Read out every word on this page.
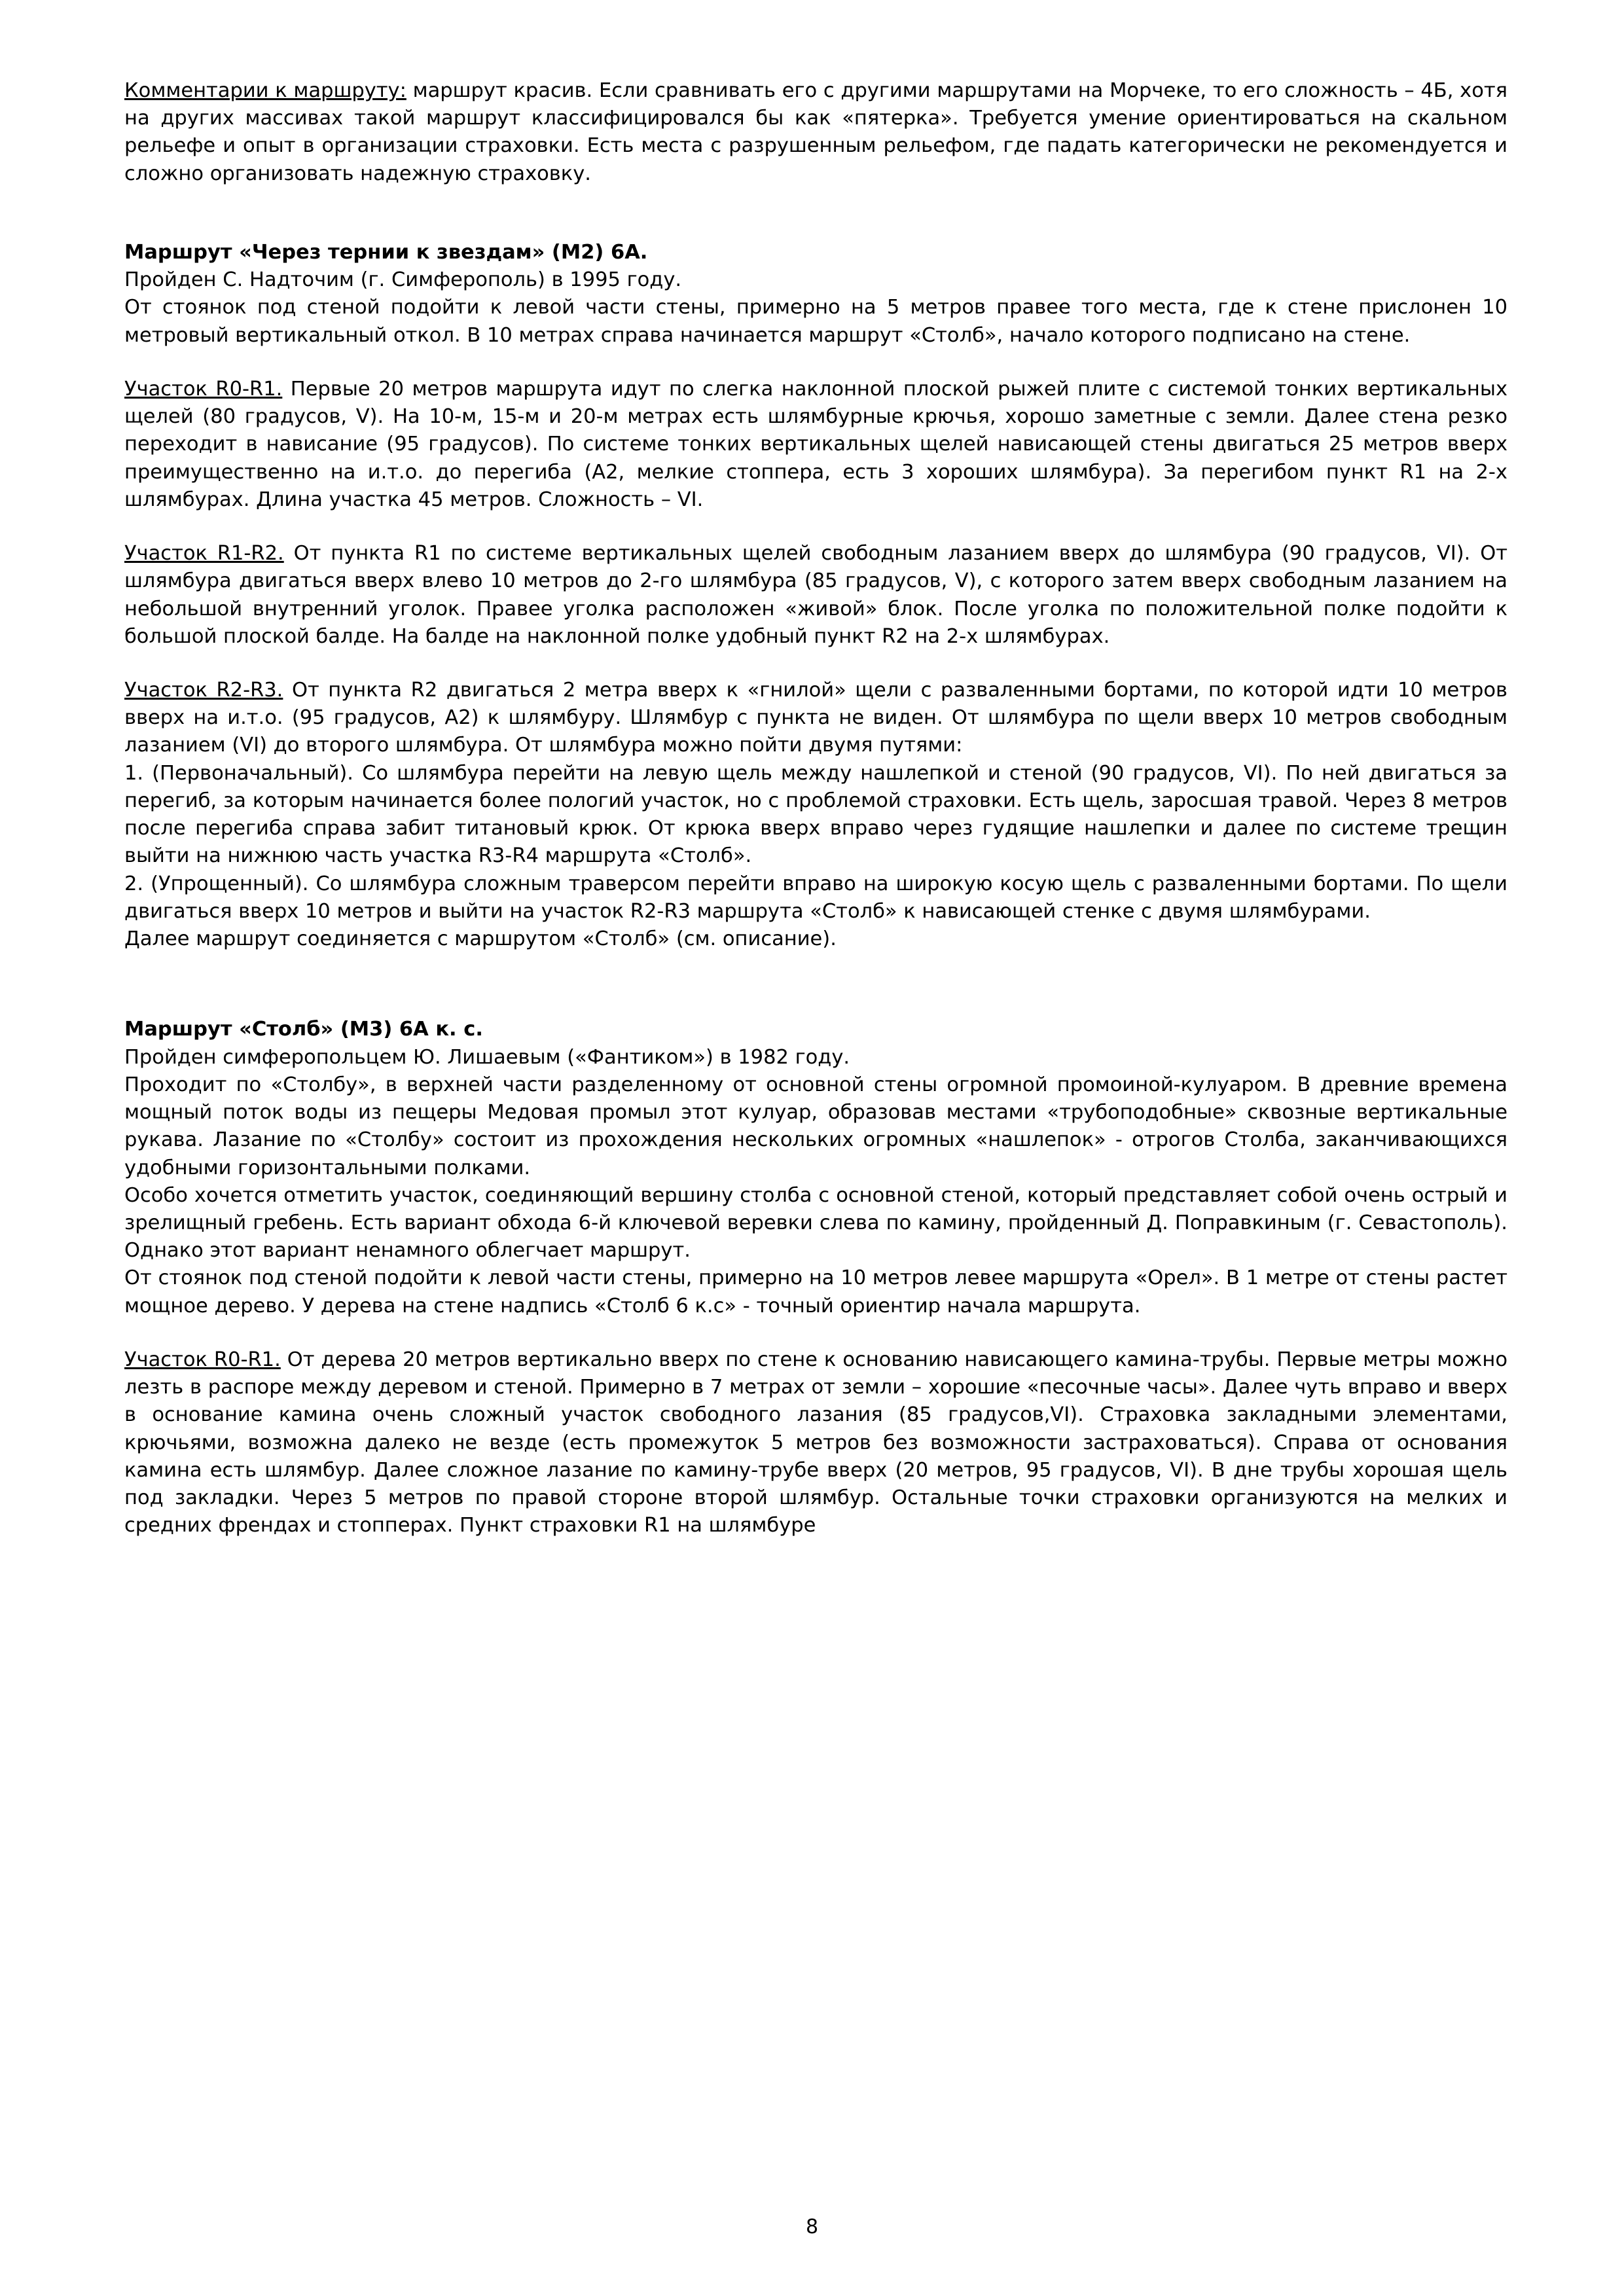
Комментарии к маршруту: маршрут красив. Если сравнивать его с другими маршрутами на Морчеке, то его сложность – 4Б, хотя на других массивах такой маршрут классифицировался бы как «пятерка». Требуется умение ориентироваться на скальном рельефе и опыт в организации страховки. Есть места с разрушенным рельефом, где падать категорически не рекомендуется и сложно организовать надежную страховку.

Маршрут «Через тернии к звездам» (М2) 6А.

Пройден С. Надточим (г. Симферополь) в 1995 году.

От стоянок под стеной подойти к левой части стены, примерно на 5 метров правее того места, где к стене прислонен 10 метровый вертикальный откол. В 10 метрах справа начинается маршрут «Столб», начало которого подписано на стене.

Участок R0-R1. Первые 20 метров маршрута идут по слегка наклонной плоской рыжей плите с системой тонких вертикальных щелей (80 градусов, V). На 10-м, 15-м и 20-м метрах есть шлямбурные крючья, хорошо заметные с земли. Далее стена резко переходит в нависание (95 градусов). По системе тонких вертикальных щелей нависающей стены двигаться 25 метров вверх преимущественно на и.т.о. до перегиба (А2, мелкие стоппера, есть 3 хороших шлямбура). За перегибом пункт R1 на 2-х шлямбурах. Длина участка 45 метров. Сложность – VI.

Участок R1-R2. От пункта R1 по системе вертикальных щелей свободным лазанием вверх до шлямбура (90 градусов, VI). От шлямбура двигаться вверх влево 10 метров до 2-го шлямбура (85 градусов, V), с которого затем вверх свободным лазанием на небольшой внутренний уголок. Правее уголка расположен «живой» блок. После уголка по положительной полке подойти к большой плоской балде. На балде на наклонной полке удобный пункт R2 на 2-х шлямбурах.

Участок R2-R3. От пункта R2 двигаться 2 метра вверх к «гнилой» щели с разваленными бортами, по которой идти 10 метров вверх на и.т.о. (95 градусов, А2) к шлямбуру. Шлямбур с пункта не виден. От шлямбура по щели вверх 10 метров свободным лазанием (VI) до второго шлямбура. От шлямбура можно пойти двумя путями:

1. (Первоначальный). Со шлямбура перейти на левую щель между нашлепкой и стеной (90 градусов, VI). По ней двигаться за перегиб, за которым начинается более пологий участок, но с проблемой страховки. Есть щель, заросшая травой. Через 8 метров после перегиба справа забит титановый крюк. От крюка вверх вправо через гудящие нашлепки и далее по системе трещин выйти на нижнюю часть участка R3-R4 маршрута «Столб».

2. (Упрощенный). Со шлямбура сложным траверсом перейти вправо на широкую косую щель с разваленными бортами. По щели двигаться вверх 10 метров и выйти на участок R2-R3 маршрута «Столб» к нависающей стенке с двумя шлямбурами.

Далее маршрут соединяется с маршрутом «Столб» (см. описание).

Маршрут «Столб» (М3) 6А к. с.

Пройден симферопольцем Ю. Лишаевым («Фантиком») в 1982 году.

Проходит по «Столбу», в верхней части разделенному от основной стены огромной промоиной-кулуаром. В древние времена мощный поток воды из пещеры Медовая промыл этот кулуар, образовав местами «трубоподобные» сквозные вертикальные рукава. Лазание по «Столбу» состоит из прохождения нескольких огромных «нашлепок» - отрогов Столба, заканчивающихся удобными горизонтальными полками.

Особо хочется отметить участок, соединяющий вершину столба с основной стеной, который представляет собой очень острый и зрелищный гребень. Есть вариант обхода 6-й ключевой веревки слева по камину, пройденный Д. Поправкиным (г. Севастополь). Однако этот вариант ненамного облегчает маршрут.

От стоянок под стеной подойти к левой части стены, примерно на 10 метров левее маршрута «Орел». В 1 метре от стены растет мощное дерево. У дерева на стене надпись «Столб 6 к.с» - точный ориентир начала маршрута.

Участок R0-R1. От дерева 20 метров вертикально вверх по стене к основанию нависающего камина-трубы. Первые метры можно лезть в распоре между деревом и стеной. Примерно в 7 метрах от земли – хорошие «песочные часы». Далее чуть вправо и вверх в основание камина очень сложный участок свободного лазания (85 градусов,VI). Страховка закладными элементами, крючьями, возможна далеко не везде (есть промежуток 5 метров без возможности застраховаться). Справа от основания камина есть шлямбур. Далее сложное лазание по камину-трубе вверх (20 метров, 95 градусов, VI). В дне трубы хорошая щель под закладки. Через 5 метров по правой стороне второй шлямбур. Остальные точки страховки организуются на мелких и средних френдах и стопперах. Пункт страховки R1 на шлямбуре

8
